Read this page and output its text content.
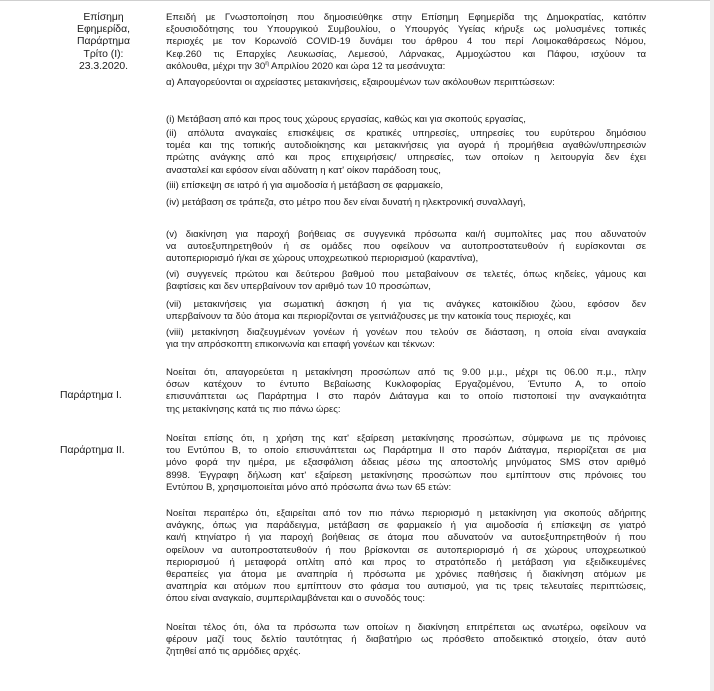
Επίσημη
Εφημερίδα,
Παράρτημα
Τρίτο (Ι):
23.3.2020.
Παράρτημα Ι.
Παράρτημα ΙΙ.
Επειδή με Γνωστοποίηση που δημοσιεύθηκε στην Επίσημη Εφημερίδα της Δημοκρατίας, κατόπιν
εξουσιοδότησης του Υπουργικού Συμβουλίου, ο Υπουργός Υγείας κήρυξε ως μολυσμένες τοπικές
περιοχές με τον Κορωνοϊό COVID-19 δυνάμει του άρθρου 4 του περί Λοιμοκαθάρσεως Νόμου,
Κεφ.260 τις Επαρχίες Λευκωσίας, Λεμεσού, Λάρνακας, Αμμοχώστου και Πάφου, ισχύουν τα
ακόλουθα, μέχρι την $30^\eta$ Απριλίου 2020 και ώρα 12 τα μεσάνυχτα:
α) Απαγορεύονται οι αχρείαστες μετακινήσεις, εξαιρουμένων των ακόλουθων περιπτώσεων:
(i) Μετάβαση από και προς τους χώρους εργασίας, καθώς και για σκοπούς εργασίας,
(ii) απόλυτα αναγκαίες επισκέψεις σε κρατικές υπηρεσίες, υπηρεσίες του ευρύτερου δημόσιου
τομέα και της τοπικής αυτοδιοίκησης και μετακινήσεις για αγορά ή προμήθεια αγαθών/υπηρεσιών
πρώτης ανάγκης από και προς επιχειρήσεις/ υπηρεσίες, των οποίων η λειτουργία δεν έχει
ανασταλεί και εφόσον είναι αδύνατη η κατ' οίκον παράδοση τους,
(iii) επίσκεψη σε ιατρό ή για αιμοδοσία ή μετάβαση σε φαρμακείο,
(iv) μετάβαση σε τράπεζα, στο μέτρο που δεν είναι δυνατή η ηλεκτρονική συναλλαγή,
(v) διακίνηση για παροχή βοήθειας σε συγγενικά πρόσωπα και/ή συμπολίτες μας που αδυνατούν
να αυτοεξυπηρετηθούν ή σε ομάδες που οφείλουν να αυτοπροστατευθούν ή ευρίσκονται σε
αυτοπεριορισμό ή/και σε χώρους υποχρεωτικού περιορισμού (καραντίνα),
(vi) συγγενείς πρώτου και δεύτερου βαθμού που μεταβαίνουν σε τελετές, όπως κηδείες, γάμους και
βαφτίσεις και δεν υπερβαίνουν τον αριθμό των 10 προσώπων,
(vii) μετακινήσεις για σωματική άσκηση ή για τις ανάγκες κατοικίδιου ζώου, εφόσον δεν
υπερβαίνουν τα δύο άτομα και περιορίζονται σε γειτνιάζουσες με την κατοικία τους περιοχές, και
(viii) μετακίνηση διαζευγμένων γονέων ή γονέων που τελούν σε διάσταση, η οποία είναι αναγκαία
για την απρόσκοπτη επικοινωνία και επαφή γονέων και τέκνων:
Νοείται ότι, απαγορεύεται η μετακίνηση προσώπων από τις 9.00 μ.μ., μέχρι τις 06.00 π.μ., πλην
όσων κατέχουν το έντυπο Βεβαίωσης Κυκλοφορίας Εργαζομένου, Έντυπο Α, το οποίο
επισυνάπτεται ως Παράρτημα Ι στο παρόν Διάταγμα και το οποίο πιστοποιεί την αναγκαιότητα
της μετακίνησης κατά τις πιο πάνω ώρες:
Νοείται επίσης ότι, η χρήση της κατ' εξαίρεση μετακίνησης προσώπων, σύμφωνα με τις πρόνοιες
του Εντύπου Β, το οποίο επισυνάπτεται ως Παράρτημα ΙΙ στο παρόν Διάταγμα, περιορίζεται σε μια
μόνο φορά την ημέρα, με εξασφάλιση άδειας μέσω της αποστολής μηνύματος SMS στον αριθμό
8998. Έγγραφη δήλωση κατ' εξαίρεση μετακίνησης προσώπων που εμπίπτουν στις πρόνοιες του
Εντύπου Β, χρησιμοποιείται μόνο από πρόσωπα άνω των 65 ετών:
Νοείται περαιτέρω ότι, εξαιρείται από τον πιο πάνω περιορισμό η μετακίνηση για σκοπούς αδήριτης
ανάγκης, όπως για παράδειγμα, μετάβαση σε φαρμακείο ή για αιμοδοσία ή επίσκεψη σε γιατρό
και/ή κτηνίατρο ή για παροχή βοήθειας σε άτομα που αδυνατούν να αυτοεξυπηρετηθούν ή που
οφείλουν να αυτοπροστατευθούν ή που βρίσκονται σε αυτοπεριορισμό ή σε χώρους υποχρεωτικού
περιορισμού ή μεταφορά οπλίτη από και προς το στρατόπεδο ή μετάβαση για εξειδικευμένες
θεραπείες για άτομα με αναπηρία ή πρόσωπα με χρόνιες παθήσεις ή διακίνηση ατόμων με
αναπηρία και ατόμων που εμπίπτουν στο φάσμα του αυτισμού, για τις τρεις τελευταίες περιπτώσεις,
όπου είναι αναγκαίο, συμπεριλαμβάνεται και ο συνοδός τους:
Νοείται τέλος ότι, όλα τα πρόσωπα των οποίων η διακίνηση επιτρέπεται ως ανωτέρω, οφείλουν να
φέρουν μαζί τους δελτίο ταυτότητας ή διαβατήριο ως πρόσθετο αποδεικτικό στοιχείο, όταν αυτό
ζητηθεί από τις αρμόδιες αρχές.
